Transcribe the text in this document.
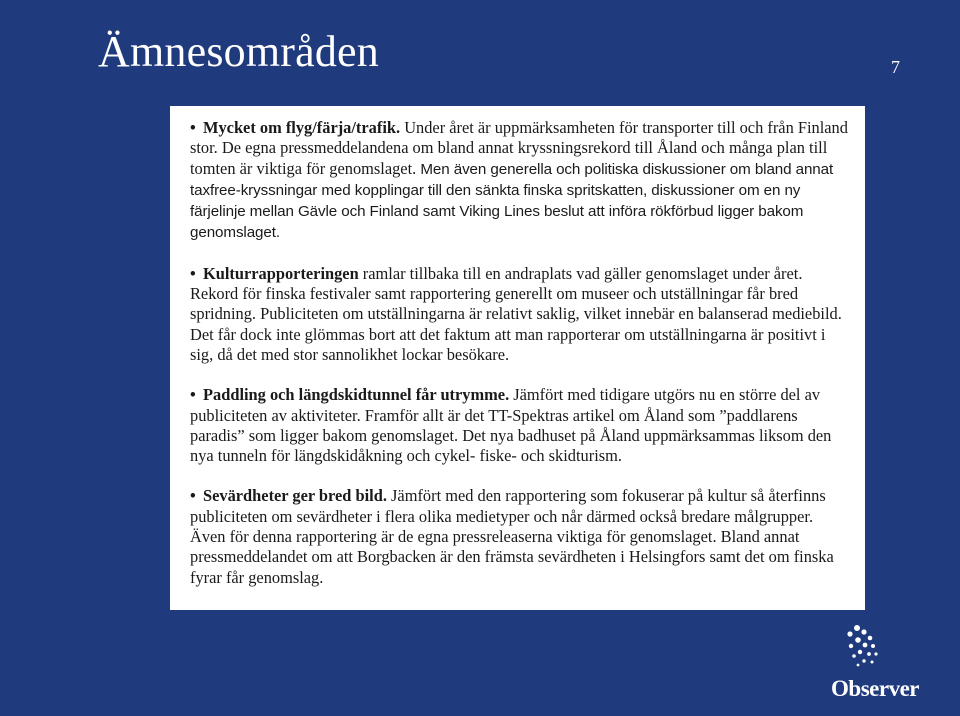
Ämnesområden	7
• Mycket om flyg/färja/trafik. Under året är uppmärksamheten för transporter till och från Finland stor. De egna pressmeddelandena om bland annat kryssningsrekord till Åland och många plan till tomten är viktiga för genomslaget. Men även generella och politiska diskussioner om bland annat taxfree-kryssningar med kopplingar till den sänkta finska spritskatten, diskussioner om en ny färjelinje mellan Gävle och Finland samt Viking Lines beslut att införa rökförbud ligger bakom genomslaget.
• Kulturrapporteringen ramlar tillbaka till en andraplats vad gäller genomslaget under året. Rekord för finska festivaler samt rapportering generellt om museer och utställningar får bred spridning. Publiciteten om utställningarna är relativt saklig, vilket innebär en balanserad mediebild. Det får dock inte glömmas bort att det faktum att man rapporterar om utställningarna är positivt i sig, då det med stor sannolikhet lockar besökare.
• Paddling och längdskidtunnel får utrymme. Jämfört med tidigare utgörs nu en större del av publiciteten av aktiviteter. Framför allt är det TT-Spektras artikel om Åland som ”paddlarens paradis” som ligger bakom genomslaget. Det nya badhuset på Åland uppmärksammas liksom den nya tunneln för längdskidåkning och cykel- fiske- och skidturism.
• Sevärdheter ger bred bild. Jämfört med den rapportering som fokuserar på kultur så återfinns publiciteten om sevärdheter i flera olika medietyper och når därmed också bredare målgrupper. Även för denna rapportering är de egna pressreleaserna viktiga för genomslaget. Bland annat pressmeddelandet om att Borgbacken är den främsta sevärdheten i Helsingfors samt det om finska fyrar får genomslag.
Observer
